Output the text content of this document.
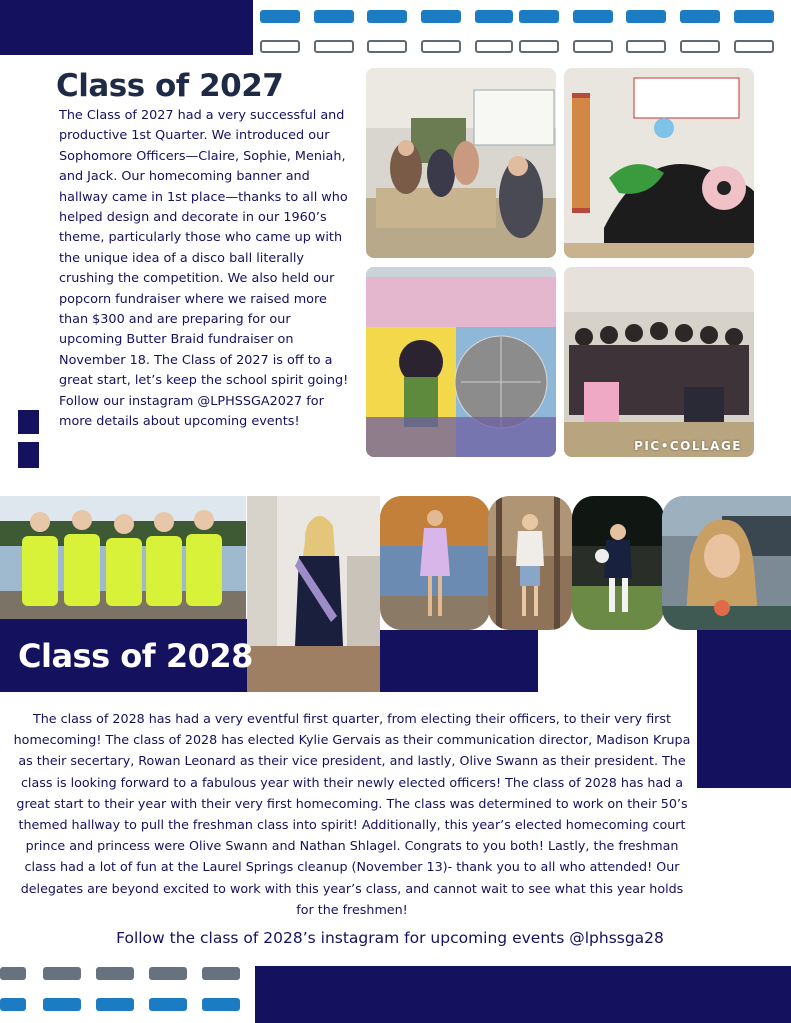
Class of 2027

The Class of 2027 had a very successful and productive 1st Quarter. We introduced our Sophomore Officers—Claire, Sophie, Meniah, and Jack. Our homecoming banner and hallway came in 1st place—thanks to all who helped design and decorate in our 1960’s theme, particularly those who came up with the unique idea of a disco ball literally crushing the competition. We also held our popcorn fundraiser where we raised more than $300 and are preparing for our upcoming Butter Braid fundraiser on November 18. The Class of 2027 is off to a great start, let’s keep the school spirit going! Follow our instagram @LPHSSGA2027 for more details about upcoming events!

PIC•COLLAGE
Class of 2028

The class of 2028 has had a very eventful first quarter, from electing their officers, to their very first homecoming! The class of 2028 has elected Kylie Gervais as their communication director, Madison Krupa as their secertary, Rowan Leonard as their vice president, and lastly, Olive Swann as their president. The class is looking forward to a fabulous year with their newly elected officers! The class of 2028 has had a great start to their year with their very first homecoming. The class was determined to work on their 50’s themed hallway to pull the freshman class into spirit! Additionally, this year’s elected homecoming court prince and princess were Olive Swann and Nathan Shlagel. Congrats to you both! Lastly, the freshman class had a lot of fun at the Laurel Springs cleanup (November 13)- thank you to all who attended! Our delegates are beyond excited to work with this year’s class, and cannot wait to see what this year holds for the freshmen!

Follow the class of 2028’s instagram for upcoming events @lphssga28
